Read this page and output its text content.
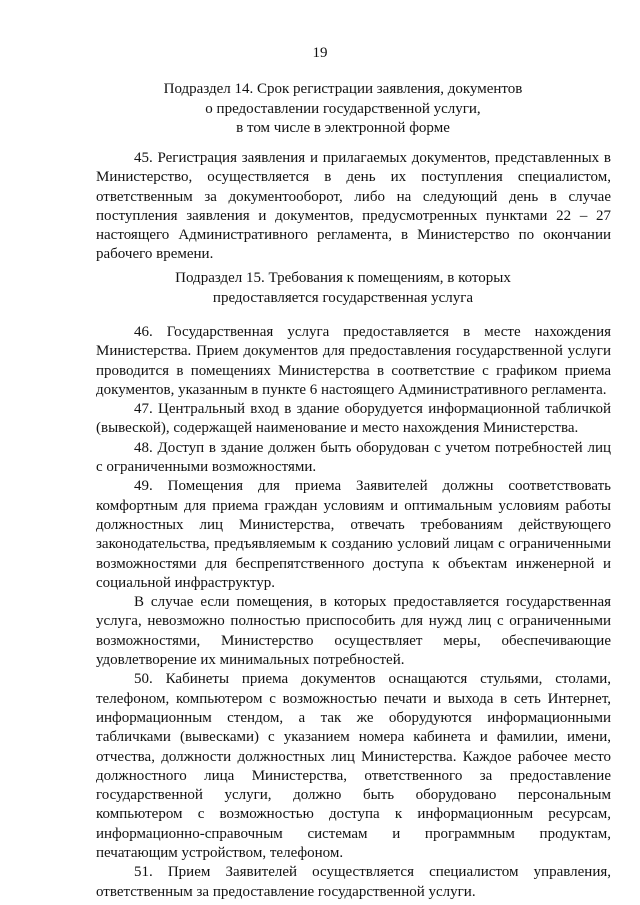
19
Подраздел 14. Срок регистрации заявления, документов
о предоставлении государственной услуги,
в том числе в электронной форме

45. Регистрация заявления и прилагаемых документов, представленных в Министерство, осуществляется в день их поступления специалистом, ответственным за документооборот, либо на следующий день в случае поступления заявления и документов, предусмотренных пунктами 22 – 27 настоящего Административного регламента, в Министерство по окончании рабочего времени.

Подраздел 15. Требования к помещениям, в которых
предоставляется государственная услуга

46. Государственная услуга предоставляется в месте нахождения Министерства. Прием документов для предоставления государственной услуги проводится в помещениях Министерства в соответствие с графиком приема документов, указанным в пункте 6 настоящего Административного регламента.

47. Центральный вход в здание оборудуется информационной табличкой (вывеской), содержащей наименование и место нахождения Министерства.

48. Доступ в здание должен быть оборудован с учетом потребностей лиц с ограниченными возможностями.

49. Помещения для приема Заявителей должны соответствовать комфортным для приема граждан условиям и оптимальным условиям работы должностных лиц Министерства, отвечать требованиям действующего законодательства, предъявляемым к созданию условий лицам с ограниченными возможностями для беспрепятственного доступа к объектам инженерной и социальной инфраструктур.

В случае если помещения, в которых предоставляется государственная услуга, невозможно полностью приспособить для нужд лиц с ограниченными возможностями, Министерство осуществляет меры, обеспечивающие удовлетворение их минимальных потребностей.

50. Кабинеты приема документов оснащаются стульями, столами, телефоном, компьютером с возможностью печати и выхода в сеть Интернет, информационным стендом, а так же оборудуются информационными табличками (вывесками) с указанием номера кабинета и фамилии, имени, отчества, должности должностных лиц Министерства. Каждое рабочее место должностного лица Министерства, ответственного за предоставление государственной услуги, должно быть оборудовано персональным компьютером с возможностью доступа к информационным ресурсам, информационно-справочным системам и программным продуктам, печатающим устройством, телефоном.

51. Прием Заявителей осуществляется специалистом управления, ответственным за предоставление государственной услуги.
